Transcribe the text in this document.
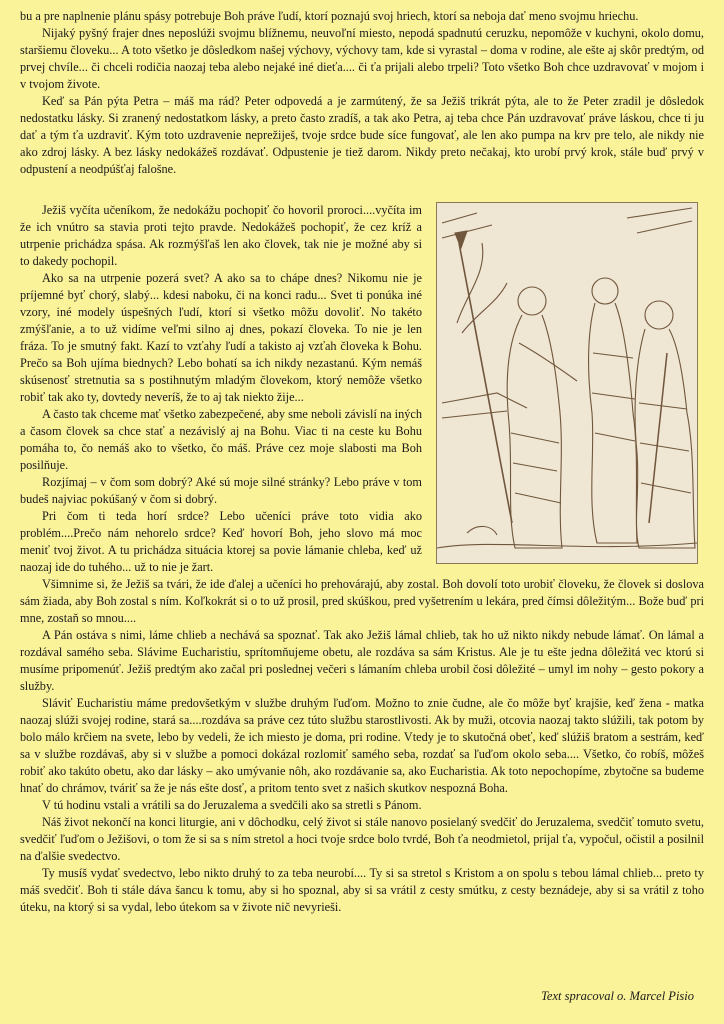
bu a pre naplnenie plánu spásy potrebuje Boh práve ľudí, ktorí poznajú svoj hriech, ktorí sa neboja dať meno svojmu hriechu.

Nijaký pyšný frajer dnes neposlúži svojmu blížnemu, neuvoľní miesto, nepodá spadnutú ceruzku, nepomôže v kuchyni, okolo domu, staršiemu človeku... A toto všetko je dôsledkom našej výchovy, výchovy tam, kde si vyrastal – doma v rodine, ale ešte aj skôr predtým, od prvej chvíle... či chceli rodičia naozaj teba alebo nejaké iné dieťa.... či ťa prijali alebo trpeli? Toto všetko Boh chce uzdravovať v mojom i v tvojom živote.

Keď sa Pán pýta Petra – máš ma rád? Peter odpovedá a je zarmútený, že sa Ježiš trikrát pýta, ale to že Peter zradil je dôsledok nedostatku lásky. Si zranený nedostatkom lásky, a preto často zradíš, a tak ako Petra, aj teba chce Pán uzdravovať práve láskou, chce ti ju dať a tým ťa uzdraviť. Kým toto uzdravenie neprežiješ, tvoje srdce bude síce fungovať, ale len ako pumpa na krv pre telo, ale nikdy nie ako zdroj lásky. A bez lásky nedokážeš rozdávať. Odpustenie je tiež darom. Nikdy preto nečakaj, kto urobí prvý krok, stále buď prvý v odpustení a neodpúšťaj falošne.

Ježiš vyčíta učeníkom, že nedokážu pochopiť čo hovoril proroci....vyčíta im že ich vnútro sa stavia proti tejto pravde. Nedokážeš pochopiť, že cez kríž a utrpenie prichádza spása. Ak rozmýšľaš len ako človek, tak nie je možné aby si to dakedy pochopil.

Ako sa na utrpenie pozerá svet? A ako sa to chápe dnes? Nikomu nie je príjemné byť chorý, slabý... kdesi naboku, či na konci radu... Svet ti ponúka iné vzory, iné modely úspešných ľudí, ktorí si všetko môžu dovoliť. No takéto zmýšľanie, a to už vidíme veľmi silno aj dnes, pokazí človeka. To nie je len fráza. To je smutný fakt. Kazí to vzťahy ľudí a takisto aj vzťah človeka k Bohu. Prečo sa Boh ujíma biednych? Lebo bohatí sa ich nikdy nezastanú. Kým nemáš skúsenosť stretnutia sa s postihnutým mladým človekom, ktorý nemôže všetko robiť tak ako ty, dovtedy neveríš, že to aj tak niekto žije...

A často tak chceme mať všetko zabezpečené, aby sme neboli závislí na iných a časom človek sa chce stať a nezávislý aj na Bohu. Viac ti na ceste ku Bohu pomáha to, čo nemáš ako to všetko, čo máš. Práve cez moje slabosti ma Boh posilňuje.

Rozjímaj – v čom som dobrý? Aké sú moje silné stránky? Lebo práve v tom budeš najviac pokúšaný v čom si dobrý.

Pri čom ti teda horí srdce? Lebo učeníci práve toto vidia ako problém....Prečo nám nehorelo srdce? Keď hovorí Boh, jeho slovo má moc meniť tvoj život. A tu prichádza situácia ktorej sa povie lámanie chleba, keď už naozaj ide do tuhého... už to nie je žart.

Všimnime si, že Ježiš sa tvári, že ide ďalej a učeníci ho prehovárajú, aby zostal. Boh dovolí toto urobiť človeku, že človek si doslova sám žiada, aby Boh zostal s ním. Koľkokrát si o to už prosil, pred skúškou, pred vyšetrením u lekára, pred čímsi dôležitým... Bože buď pri mne, zostaň so mnou....

A Pán ostáva s nimi, láme chlieb a nechává sa spoznať. Tak ako Ježiš lámal chlieb, tak ho už nikto nikdy nebude lámať. On lámal a rozdával samého seba. Slávime Eucharistiu, sprítomňujeme obetu, ale rozdáva sa sám Kristus. Ale je tu ešte jedna dôležitá vec ktorú si musíme pripomenúť. Ježiš predtým ako začal pri poslednej večeri s lámaním chleba urobil čosi dôležité – umyl im nohy – gesto pokory a služby.

Sláviť Eucharistiu máme predovšetkým v službe druhým ľuďom. Možno to znie čudne, ale čo môže byť krajšie, keď žena - matka naozaj slúži svojej rodine, stará sa....rozdáva sa práve cez túto službu starostlivosti. Ak by muži, otcovia naozaj takto slúžili, tak potom by bolo málo krčiem na svete, lebo by vedeli, že ich miesto je doma, pri rodine. Vtedy je to skutočná obeť, keď slúžiš bratom a sestrám, keď sa v službe rozdávaš, aby si v službe a pomoci dokázal rozlomiť samého seba, rozdať sa ľuďom okolo seba.... Všetko, čo robíš, môžeš robiť ako takúto obetu, ako dar lásky – ako umývanie nôh, ako rozdávanie sa, ako Eucharistia. Ak toto nepochopíme, zbytočne sa budeme hnať do chrámov, tváriť sa že je nás ešte dosť, a pritom tento svet z našich skutkov nespozná Boha.

V tú hodinu vstali a vrátili sa do Jeruzalema a svedčili ako sa stretli s Pánom.

Náš život nekončí na konci liturgie, ani v dôchodku, celý život si stále nanovo posielaný svedčiť do Jeruzalema, svedčiť tomuto svetu, svedčiť ľuďom o Ježišovi, o tom že si sa s ním stretol a hoci tvoje srdce bolo tvrdé, Boh ťa neodmietol, prijal ťa, vypočul, očistil a posilnil na ďalšie svedectvo.

Ty musíš vydať svedectvo, lebo nikto druhý to za teba neurobí.... Ty si sa stretol s Kristom a on spolu s tebou lámal chlieb... preto ty máš svedčiť. Boh ti stále dáva šancu k tomu, aby si ho spoznal, aby si sa vrátil z cesty smútku, z cesty beznádeje, aby si sa vrátil z toho úteku, na ktorý si sa vydal, lebo útekom sa v živote nič nevyrieši.

Text spracoval o. Marcel Pisio
